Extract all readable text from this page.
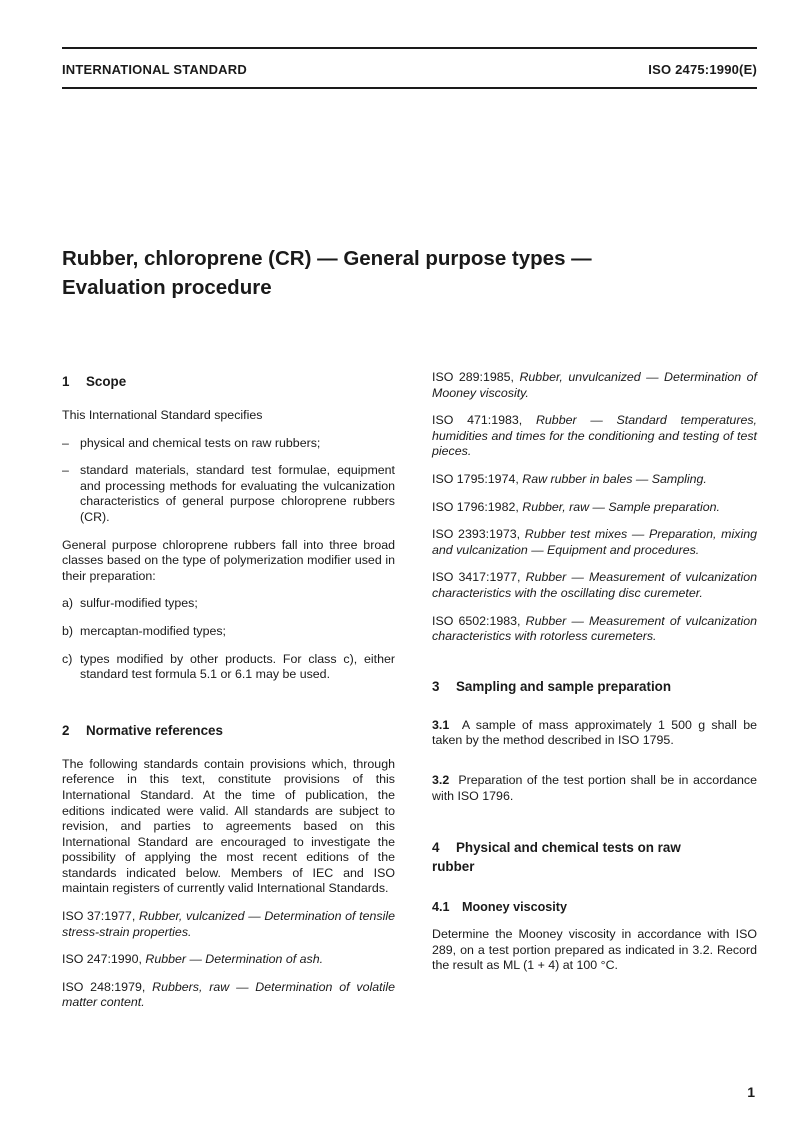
INTERNATIONAL STANDARD	ISO 2475:1990(E)
Rubber, chloroprene (CR) — General purpose types —
Evaluation procedure
1 Scope

This International Standard specifies

– physical and chemical tests on raw rubbers;
– standard materials, standard test formulae, equipment and processing methods for evaluating the vulcanization characteristics of general purpose chloroprene rubbers (CR).

General purpose chloroprene rubbers fall into three broad classes based on the type of polymerization modifier used in their preparation:

a) sulfur-modified types;
b) mercaptan-modified types;
c) types modified by other products. For class c), either standard test formula 5.1 or 6.1 may be used.
2 Normative references

The following standards contain provisions which, through reference in this text, constitute provisions of this International Standard. At the time of publication, the editions indicated were valid. All standards are subject to revision, and parties to agreements based on this International Standard are encouraged to investigate the possibility of applying the most recent editions of the standards indicated below. Members of IEC and ISO maintain registers of currently valid International Standards.

ISO 37:1977, Rubber, vulcanized — Determination of tensile stress-strain properties.

ISO 247:1990, Rubber — Determination of ash.

ISO 248:1979, Rubbers, raw — Determination of volatile matter content.

ISO 289:1985, Rubber, unvulcanized — Determination of Mooney viscosity.

ISO 471:1983, Rubber — Standard temperatures, humidities and times for the conditioning and testing of test pieces.

ISO 1795:1974, Raw rubber in bales — Sampling.

ISO 1796:1982, Rubber, raw — Sample preparation.

ISO 2393:1973, Rubber test mixes — Preparation, mixing and vulcanization — Equipment and procedures.

ISO 3417:1977, Rubber — Measurement of vulcanization characteristics with the oscillating disc curemeter.

ISO 6502:1983, Rubber — Measurement of vulcanization characteristics with rotorless curemeters.

3 Sampling and sample preparation

3.1 A sample of mass approximately 1 500 g shall be taken by the method described in ISO 1795.

3.2 Preparation of the test portion shall be in accordance with ISO 1796.

4 Physical and chemical tests on raw
rubber
4.1 Mooney viscosity

Determine the Mooney viscosity in accordance with ISO 289, on a test portion prepared as indicated in 3.2. Record the result as ML (1 + 4) at 100 °C.

1
